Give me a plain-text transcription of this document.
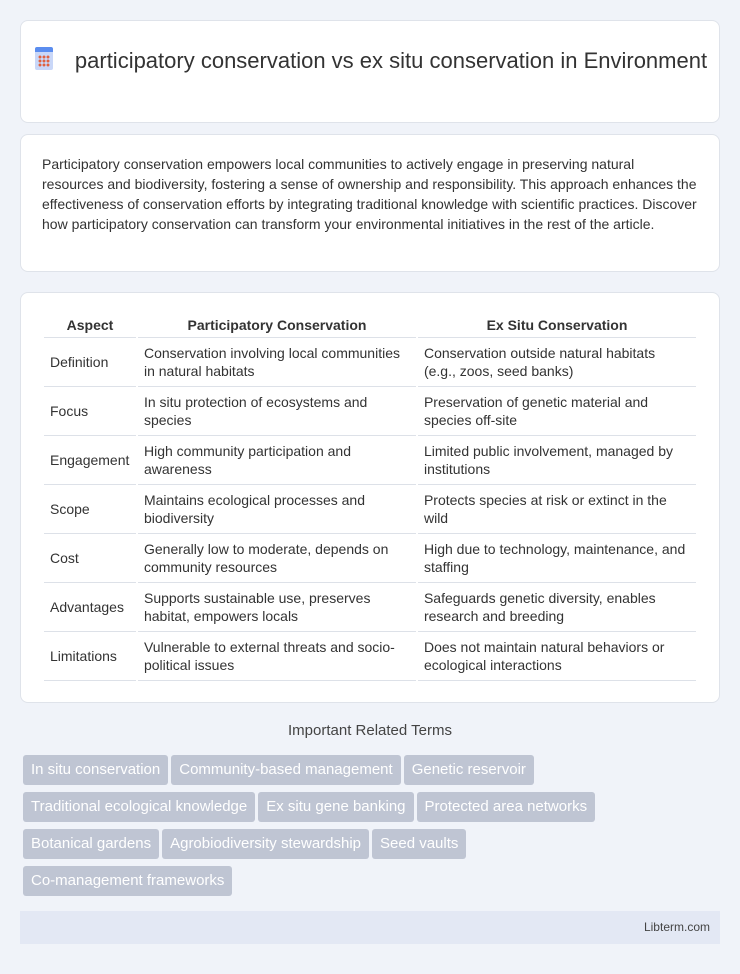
participatory conservation vs ex situ conservation in Environment

Participatory conservation empowers local communities to actively engage in preserving natural resources and biodiversity, fostering a sense of ownership and responsibility. This approach enhances the effectiveness of conservation efforts by integrating traditional knowledge with scientific practices. Discover how participatory conservation can transform your environmental initiatives in the rest of the article.

Aspect	Participatory Conservation	Ex Situ Conservation
Definition	Conservation involving local communities in natural habitats	Conservation outside natural habitats (e.g., zoos, seed banks)
Focus	In situ protection of ecosystems and species	Preservation of genetic material and species off-site
Engagement	High community participation and awareness	Limited public involvement, managed by institutions
Scope	Maintains ecological processes and biodiversity	Protects species at risk or extinct in the wild
Cost	Generally low to moderate, depends on community resources	High due to technology, maintenance, and staffing
Advantages	Supports sustainable use, preserves habitat, empowers locals	Safeguards genetic diversity, enables research and breeding
Limitations	Vulnerable to external threats and socio-political issues	Does not maintain natural behaviors or ecological interactions
Important Related Terms
In situ conservation Community-based management Genetic reservoir
Traditional ecological knowledge Ex situ gene banking Protected area networks
Botanical gardens Agrobiodiversity stewardship Seed vaults
Co-management frameworks
Libterm.com
